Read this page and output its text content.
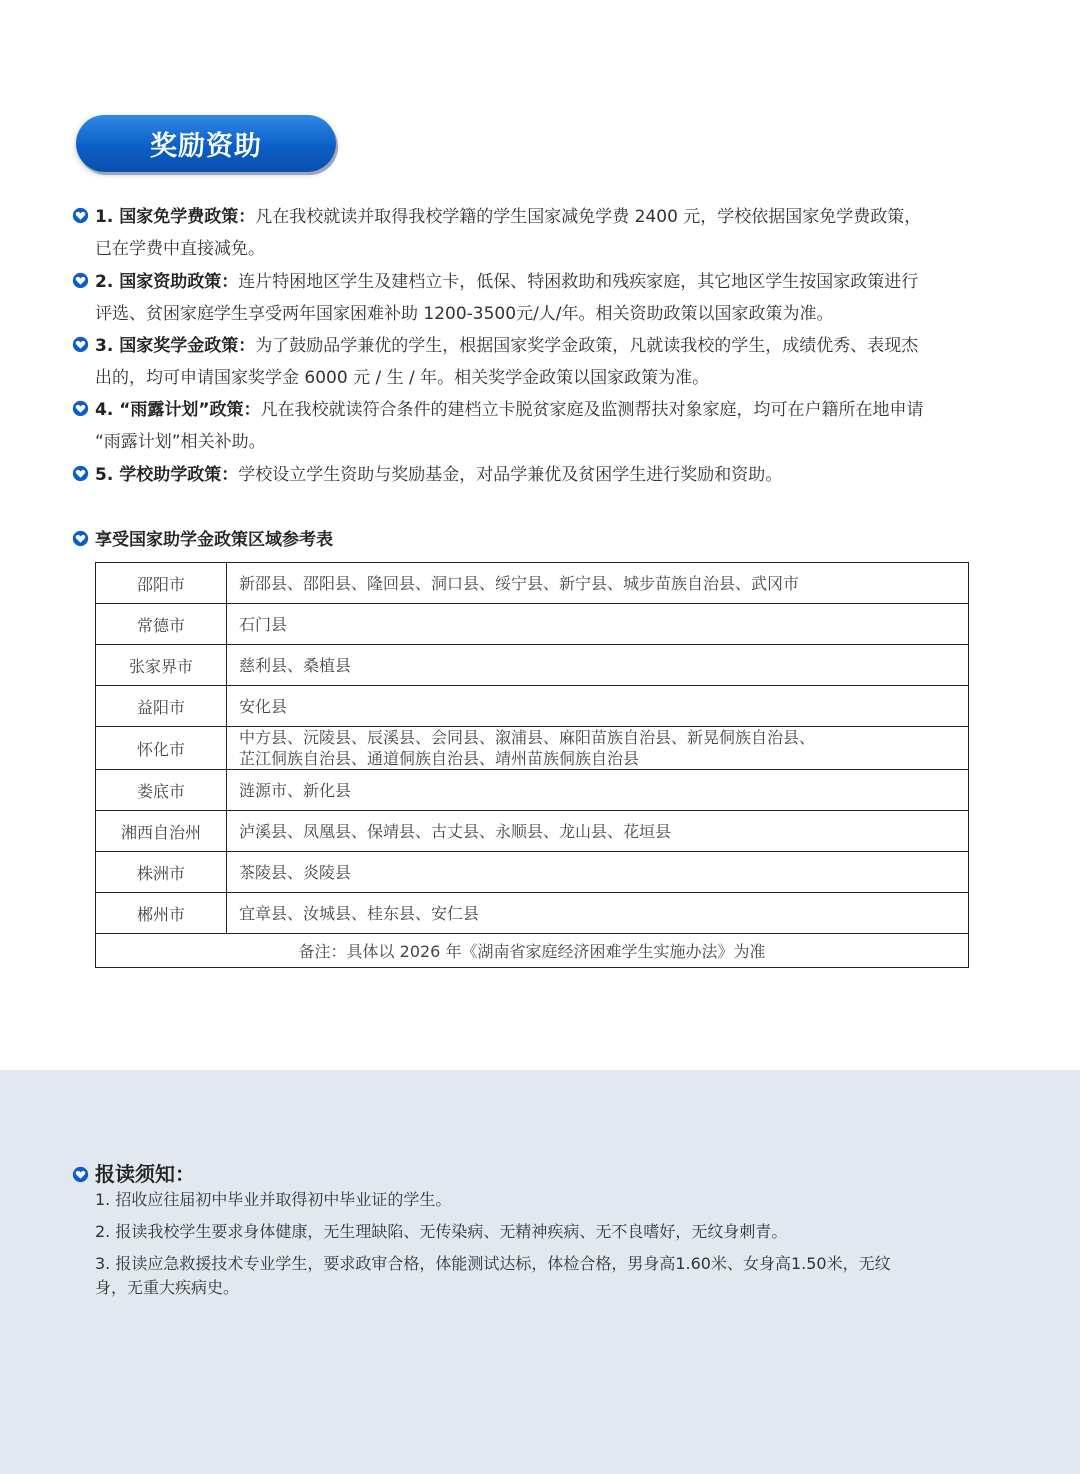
奖励资助
1. 国家免学费政策：凡在我校就读并取得我校学籍的学生国家减免学费 2400 元，学校依据国家免学费政策，
已在学费中直接减免。
2. 国家资助政策：连片特困地区学生及建档立卡，低保、特困救助和残疾家庭，其它地区学生按国家政策进行
评选、贫困家庭学生享受两年国家困难补助 1200-3500元/人/年。相关资助政策以国家政策为准。
3. 国家奖学金政策：为了鼓励品学兼优的学生，根据国家奖学金政策，凡就读我校的学生，成绩优秀、表现杰
出的，均可申请国家奖学金 6000 元 / 生 / 年。相关奖学金政策以国家政策为准。
4. “雨露计划”政策：凡在我校就读符合条件的建档立卡脱贫家庭及监测帮扶对象家庭，均可在户籍所在地申请
“雨露计划”相关补助。
5. 学校助学政策：学校设立学生资助与奖励基金，对品学兼优及贫困学生进行奖励和资助。
享受国家助学金政策区域参考表
邵阳市	新邵县、邵阳县、隆回县、洞口县、绥宁县、新宁县、城步苗族自治县、武冈市
常德市	石门县
张家界市	慈利县、桑植县
益阳市	安化县
怀化市	中方县、沅陵县、辰溪县、会同县、溆浦县、麻阳苗族自治县、新晃侗族自治县、
芷江侗族自治县、通道侗族自治县、靖州苗族侗族自治县

娄底市	涟源市、新化县
湘西自治州	泸溪县、凤凰县、保靖县、古丈县、永顺县、龙山县、花垣县
株洲市	茶陵县、炎陵县
郴州市	宜章县、汝城县、桂东县、安仁县
备注：具体以 2026 年《湖南省家庭经济困难学生实施办法》为准	
报读须知：
1. 招收应往届初中毕业并取得初中毕业证的学生。
2. 报读我校学生要求身体健康，无生理缺陷、无传染病、无精神疾病、无不良嗜好，无纹身刺青。
3. 报读应急救援技术专业学生，要求政审合格，体能测试达标，体检合格，男身高1.60米、女身高1.50米，无纹
身，无重大疾病史。
